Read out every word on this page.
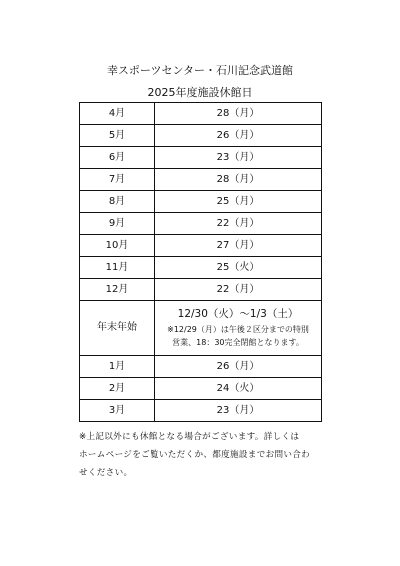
幸スポーツセンター・石川記念武道館
2025年度施設休館日
4月	28（月）
5月	26（月）
6月	23（月）
7月	28（月）
8月	25（月）
9月	22（月）
10月	27（月）
11月	25（火）
12月	22（月）
年末年始	12/30（火）～1/3（土）
※12/29（月）は午後２区分までの特別
営業、18：30完全閉館となります。

1月	26（月）
2月	24（火）
3月	23（月）
※上記以外にも休館となる場合がございます。詳しくは
ホームページをご覧いただくか、都度施設までお問い合わ
せください。
